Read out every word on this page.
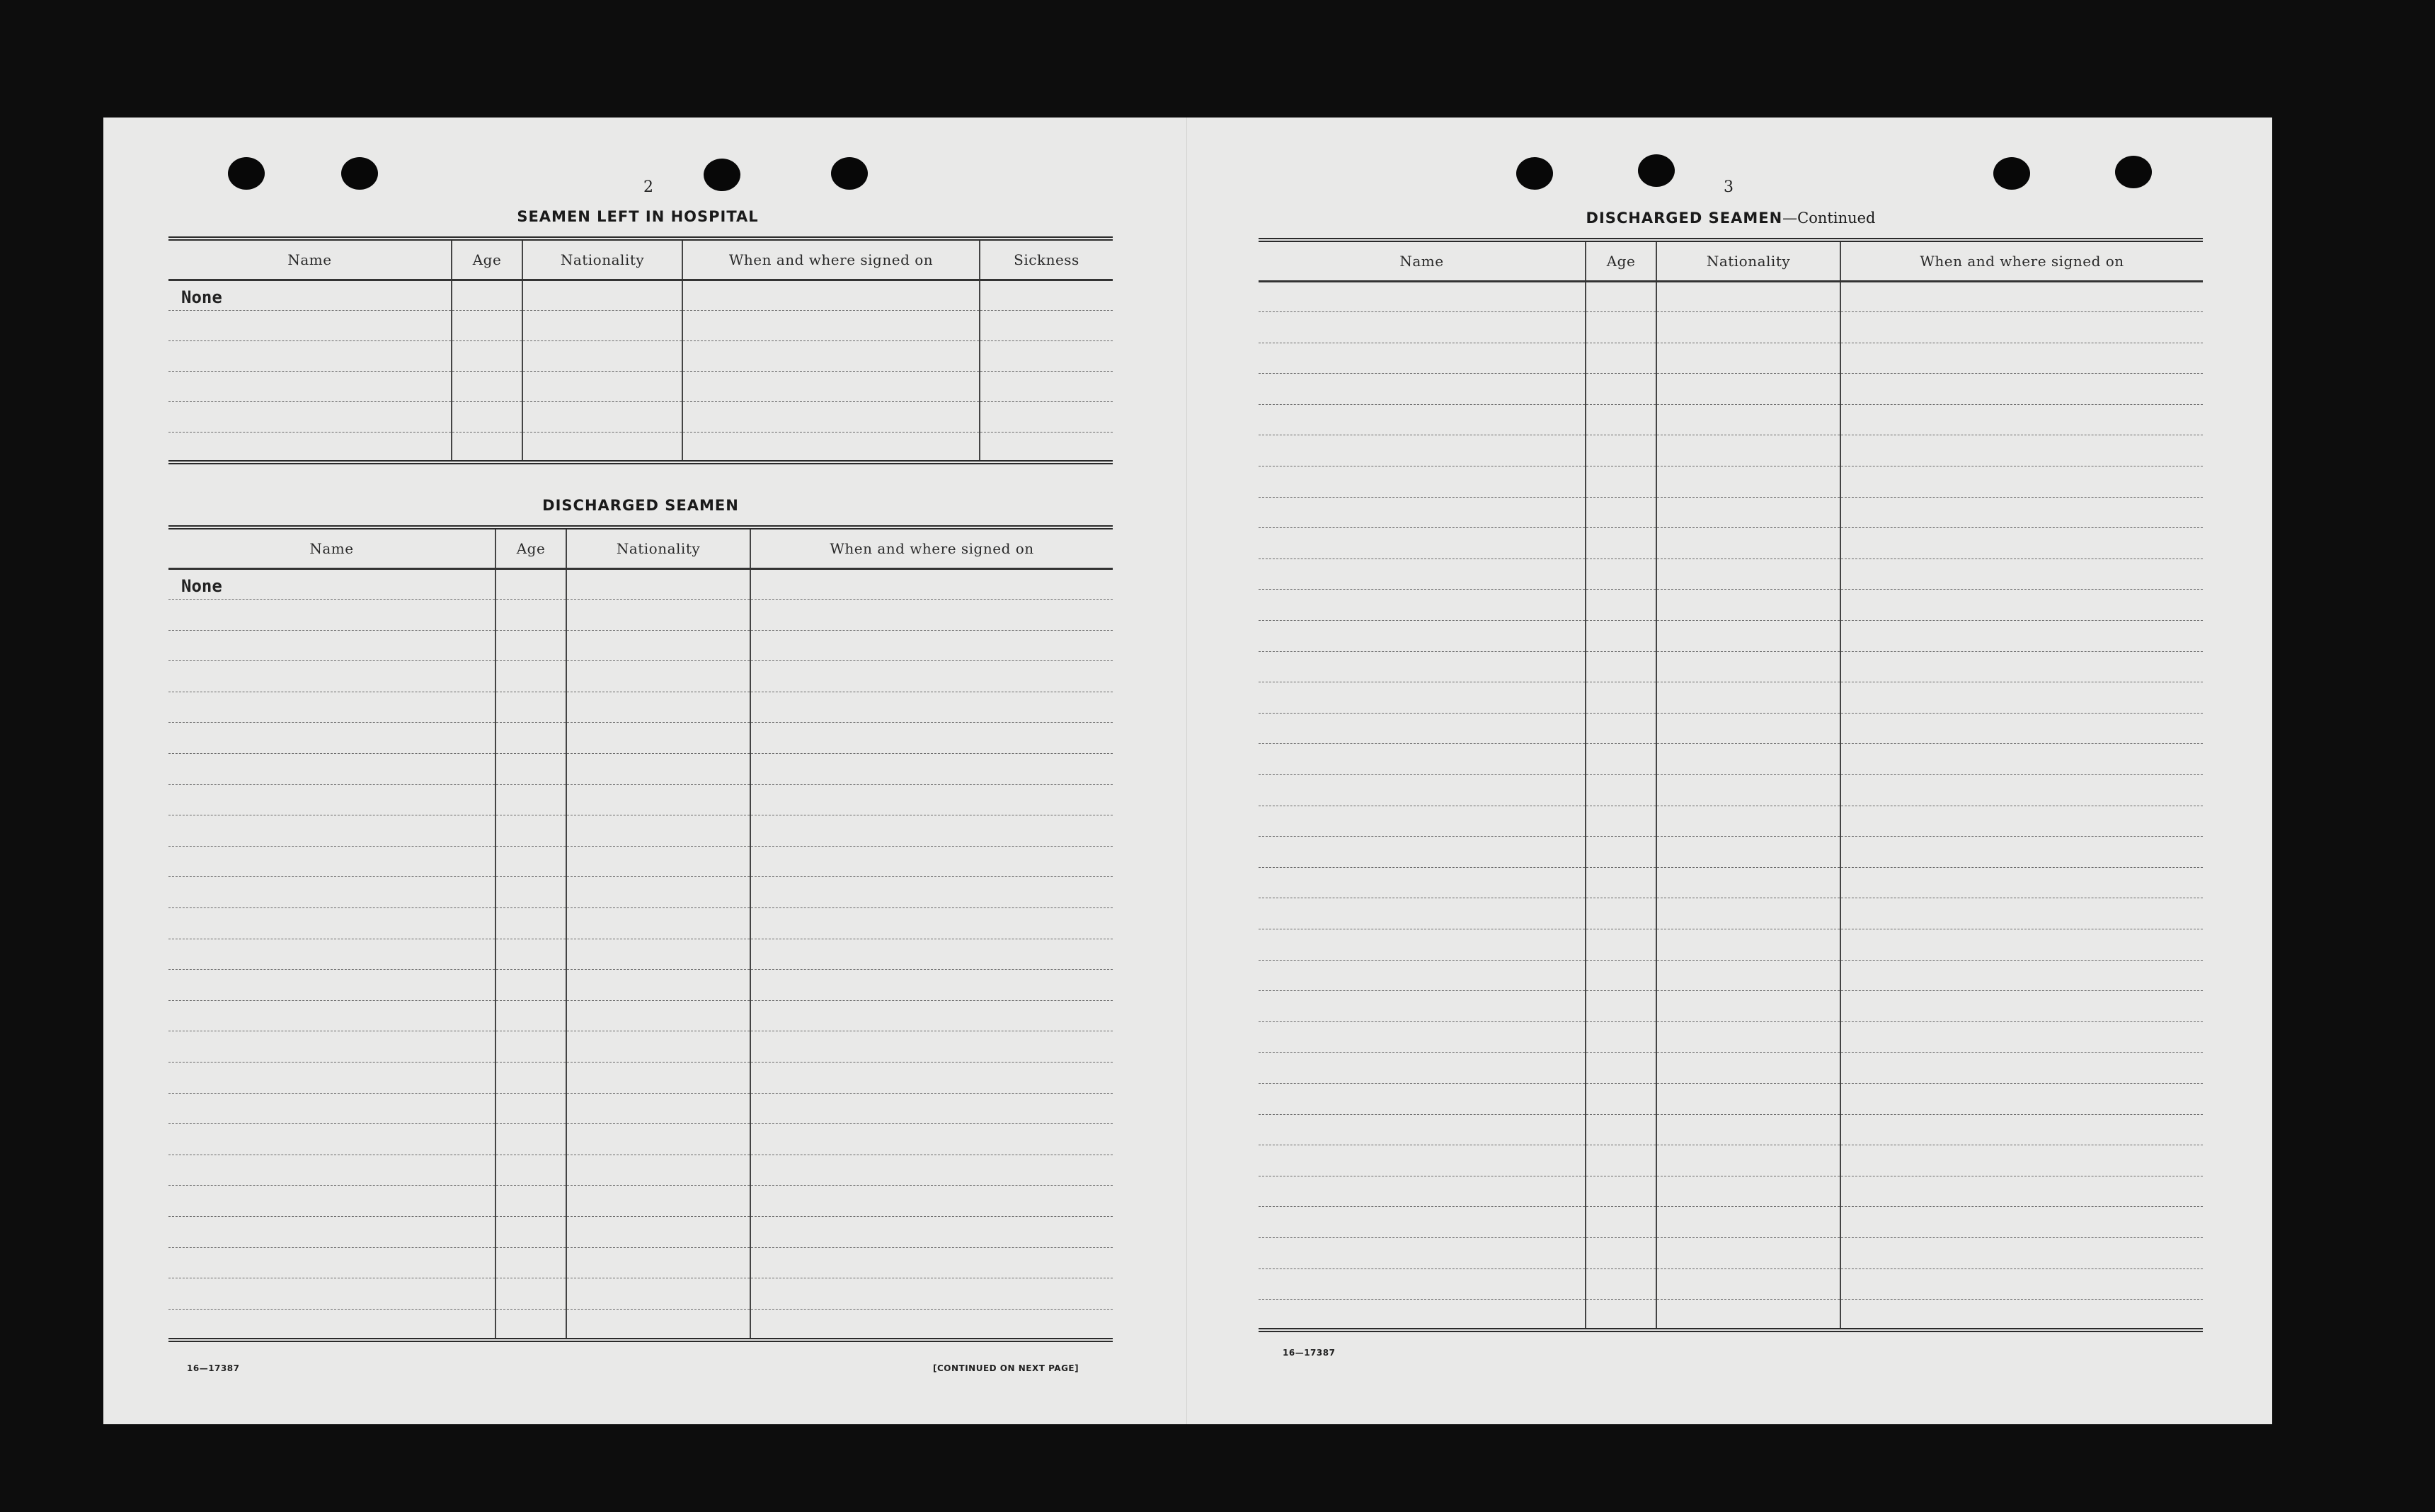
2
SEAMEN LEFT IN HOSPITAL
Name	Age	Nationality	When and where signed on	Sickness
None				

DISCHARGED SEAMEN
Name	Age	Nationality	When and where signed on
None			

16—17387	[CONTINUED ON NEXT PAGE]
3
DISCHARGED SEAMEN—Continued
Name	Age	Nationality	When and where signed on

16—17387
